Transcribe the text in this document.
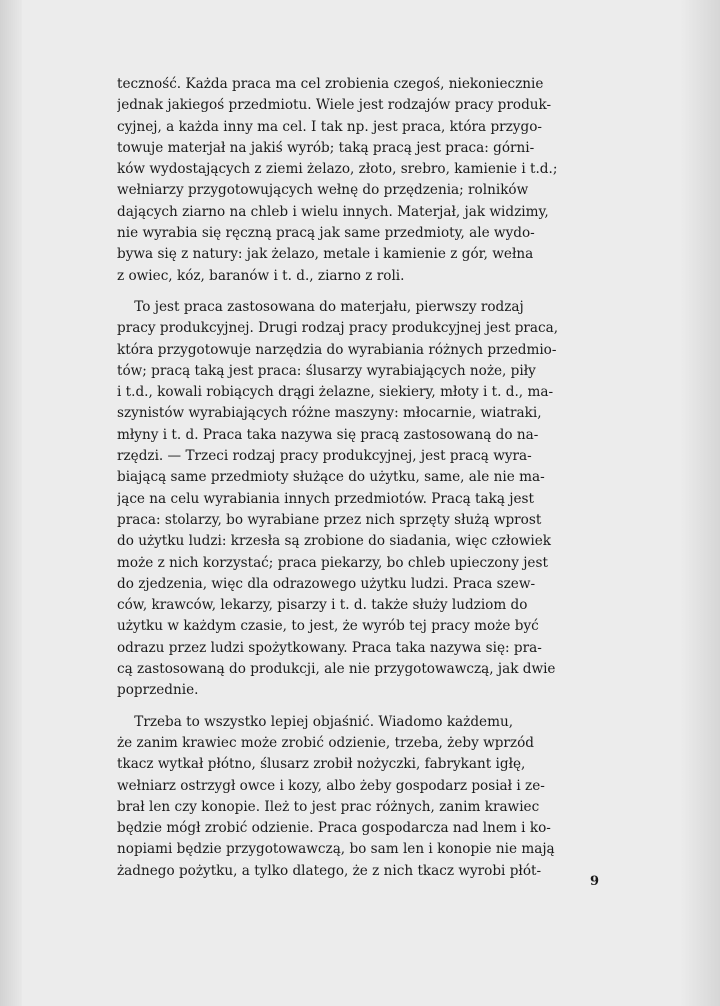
teczność. Każda praca ma cel zrobienia czegoś, niekoniecznie
jednak jakiegoś przedmiotu. Wiele jest rodzajów pracy produk-
cyjnej, a każda inny ma cel. I tak np. jest praca, która przygo-
towuje materjał na jakiś wyrób; taką pracą jest praca: górni-
ków wydostających z ziemi żelazo, złoto, srebro, kamienie i t.d.;
wełniarzy przygotowujących wełnę do przędzenia; rolników
dających ziarno na chleb i wielu innych. Materjał, jak widzimy,
nie wyrabia się ręczną pracą jak same przedmioty, ale wydo-
bywa się z natury: jak żelazo, metale i kamienie z gór, wełna
z owiec, kóz, baranów i t. d., ziarno z roli.
To jest praca zastosowana do materjału, pierwszy rodzaj
pracy produkcyjnej. Drugi rodzaj pracy produkcyjnej jest praca,
która przygotowuje narzędzia do wyrabiania różnych przedmio-
tów; pracą taką jest praca: ślusarzy wyrabiających noże, piły
i t.d., kowali robiących drągi żelazne, siekiery, młoty i t. d., ma-
szynistów wyrabiających różne maszyny: młocarnie, wiatraki,
młyny i t. d. Praca taka nazywa się pracą zastosowaną do na-
rzędzi. — Trzeci rodzaj pracy produkcyjnej, jest pracą wyra-
biającą same przedmioty służące do użytku, same, ale nie ma-
jące na celu wyrabiania innych przedmiotów. Pracą taką jest
praca: stolarzy, bo wyrabiane przez nich sprzęty służą wprost
do użytku ludzi: krzesła są zrobione do siadania, więc człowiek
może z nich korzystać; praca piekarzy, bo chleb upieczony jest
do zjedzenia, więc dla odrazowego użytku ludzi. Praca szew-
ców, krawców, lekarzy, pisarzy i t. d. także służy ludziom do
użytku w każdym czasie, to jest, że wyrób tej pracy może być
odrazu przez ludzi spożytkowany. Praca taka nazywa się: pra-
cą zastosowaną do produkcji, ale nie przygotowawczą, jak dwie
poprzednie.
Trzeba to wszystko lepiej objaśnić. Wiadomo każdemu,
że zanim krawiec może zrobić odzienie, trzeba, żeby wprzód
tkacz wytkał płótno, ślusarz zrobił nożyczki, fabrykant igłę,
wełniarz ostrzygł owce i kozy, albo żeby gospodarz posiał i ze-
brał len czy konopie. Ileż to jest prac różnych, zanim krawiec
będzie mógł zrobić odzienie. Praca gospodarcza nad lnem i ko-
nopiami będzie przygotowawczą, bo sam len i konopie nie mają
żadnego pożytku, a tylko dlatego, że z nich tkacz wyrobi płót-
9
